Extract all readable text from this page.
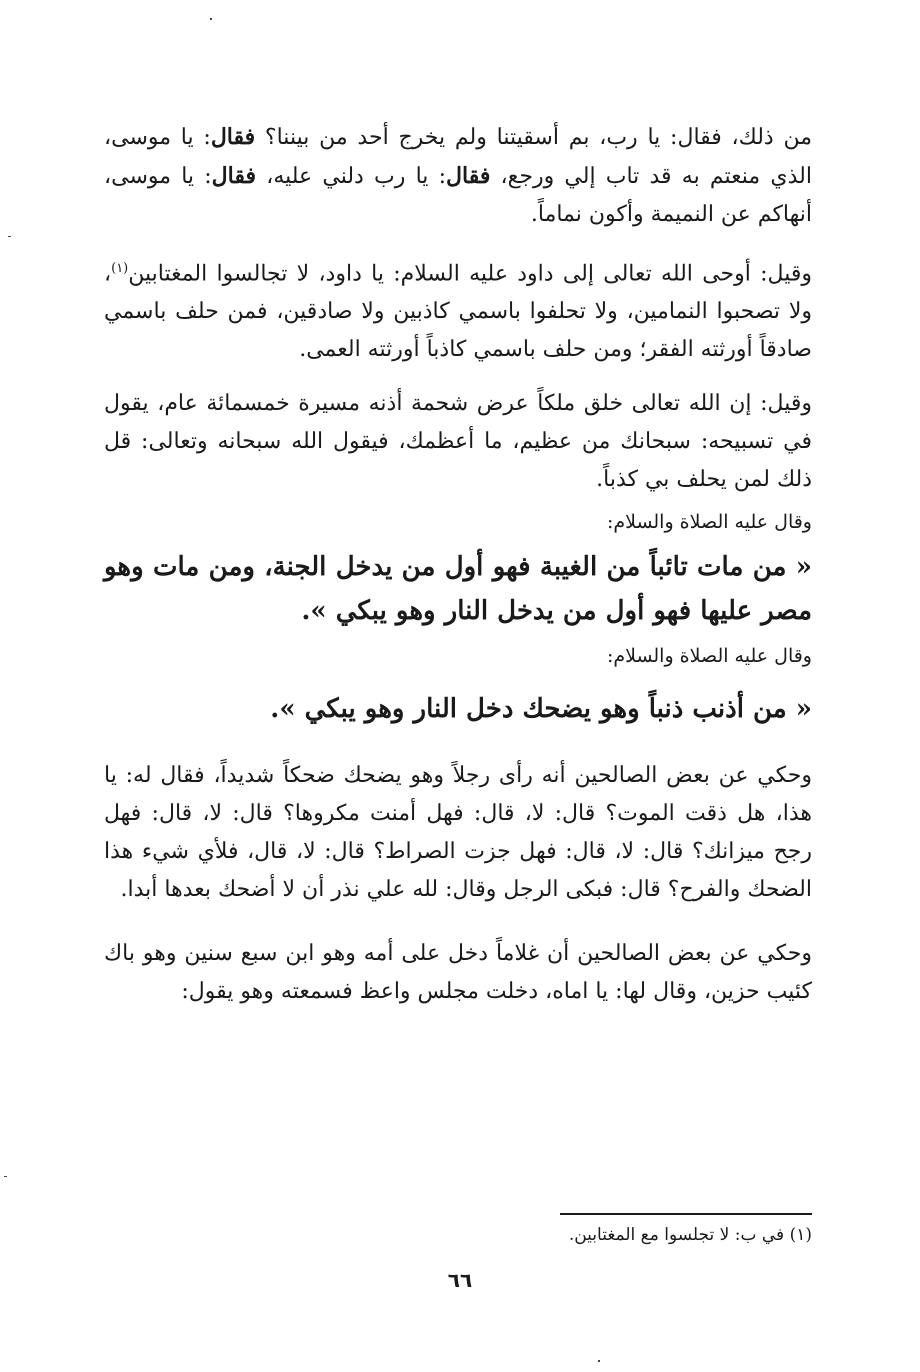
من ذلك، فقال: يا رب، بم أسقيتنا ولم يخرج أحد من بيننا؟ فقال: يا موسى، الذي منعتم به قد تاب إلي ورجع، فقال: يا رب دلني عليه، فقال: يا موسى، أنهاكم عن النميمة وأكون نماماً.

وقيل: أوحى الله تعالى إلى داود عليه السلام: يا داود، لا تجالسوا المغتابين$^{(١)}$، ولا تصحبوا النمامين، ولا تحلفوا باسمي كاذبين ولا صادقين، فمن حلف باسمي صادقاً أورثته الفقر؛ ومن حلف باسمي كاذباً أورثته العمى.

وقيل: إن الله تعالى خلق ملكاً عرض شحمة أذنه مسيرة خمسمائة عام، يقول في تسبيحه: سبحانك من عظيم، ما أعظمك، فيقول الله سبحانه وتعالى: قل ذلك لمن يحلف بي كذباً.

وقال عليه الصلاة والسلام:

« من مات تائباً من الغيبة فهو أول من يدخل الجنة، ومن مات وهو مصر عليها فهو أول من يدخل النار وهو يبكي ».

وقال عليه الصلاة والسلام:

« من أذنب ذنباً وهو يضحك دخل النار وهو يبكي ».

وحكي عن بعض الصالحين أنه رأى رجلاً وهو يضحك ضحكاً شديداً، فقال له: يا هذا، هل ذقت الموت؟ قال: لا، قال: فهل أمنت مكروها؟ قال: لا، قال: فهل رجح ميزانك؟ قال: لا، قال: فهل جزت الصراط؟ قال: لا، قال، فلأي شيء هذا الضحك والفرح؟ قال: فبكى الرجل وقال: لله علي نذر أن لا أضحك بعدها أبدا.

وحكي عن بعض الصالحين أن غلاماً دخل على أمه وهو ابن سبع سنين وهو باك كئيب حزين، وقال لها: يا اماه، دخلت مجلس واعظ فسمعته وهو يقول:

(١) في ب: لا تجلسوا مع المغتابين.
٦٦
